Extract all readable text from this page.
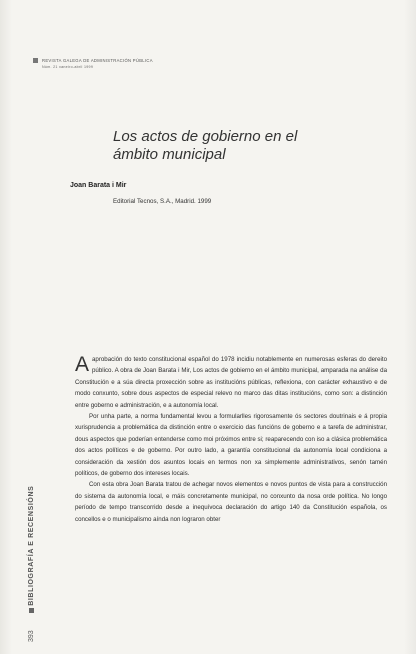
REVISTA GALEGA DE ADMINISTRACIÓN PÚBLICA
Núm. 21 xaneiro-abril 1999
Los actos de gobierno en el
ámbito municipal
Joan Barata i Mir
Editorial Tecnos, S.A., Madrid. 1999

Aaprobación do texto constitucional español do 1978 incidiu notablemente en numerosas esferas do dereito público. A obra de Joan Barata i Mir, Los actos de gobierno en el ámbito municipal, amparada na análise da Constitución e a súa directa proxección sobre as institucións públicas, reflexiona, con carácter exhaustivo e de modo conxunto, sobre dous aspectos de especial relevo no marco das ditas institucións, como son: a distinción entre goberno e administración, e a autonomía local.

Por unha parte, a norma fundamental levou a formularlles rigorosamente ós sectores doutrinais e á propia xurisprudencia a problemática da distinción entre o exercicio das funcións de goberno e a tarefa de administrar, dous aspectos que poderían entenderse como moi próximos entre si; reaparecendo con iso a clásica problemática dos actos políticos e de goberno. Por outro lado, a garantía constitucional da autonomía local condiciona a consideración da xestión dos asuntos locais en termos non xa simplemente administrativos, senón tamén políticos, de goberno dos intereses locais.

Con esta obra Joan Barata tratou de achegar novos elementos e novos puntos de vista para a construcción do sistema da autonomía local, e máis concretamente municipal, no conxunto da nosa orde política. No longo período de tempo transcorrido desde a inequívoca declaración do artigo 140 da Constitución española, os concellos e o municipalismo aínda non lograron obter

393 BIBLIOGRAFÍA E RECENSIÓNS
